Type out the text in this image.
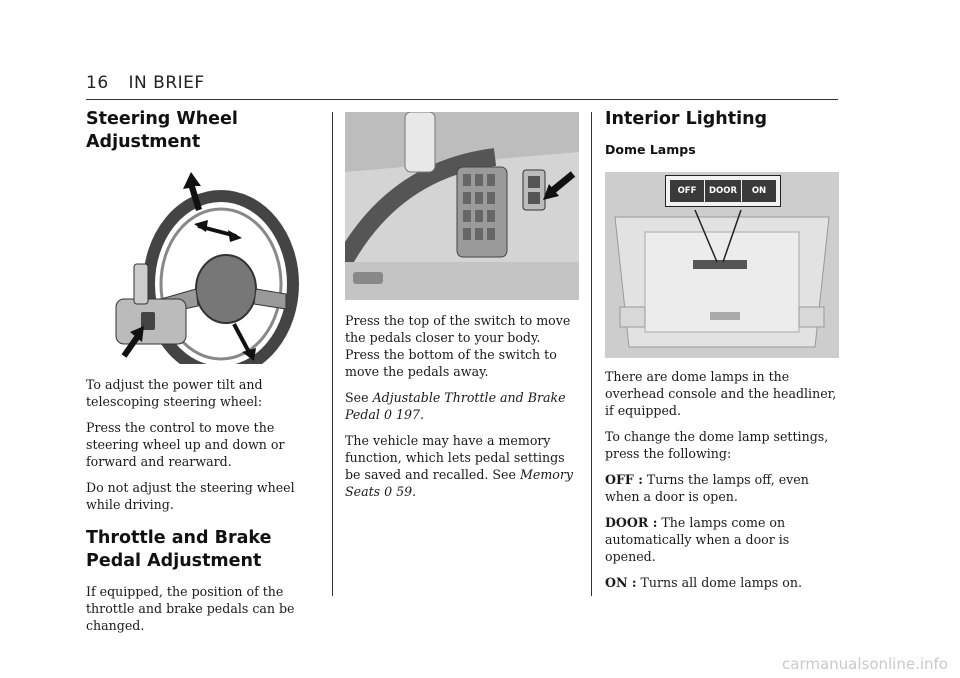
16 IN BRIEF
Steering Wheel Adjustment

To adjust the power tilt and telescoping steering wheel:

Press the control to move the steering wheel up and down or forward and rearward.

Do not adjust the steering wheel while driving.

Throttle and Brake Pedal Adjustment

If equipped, the position of the throttle and brake pedals can be changed.

Press the top of the switch to move the pedals closer to your body. Press the bottom of the switch to move the pedals away.

See Adjustable Throttle and Brake Pedal 0 197.

The vehicle may have a memory function, which lets pedal settings be saved and recalled. See Memory Seats 0 59.

Interior Lighting
Dome Lamps
OFF DOOR ON

There are dome lamps in the overhead console and the headliner, if equipped.

To change the dome lamp settings, press the following:

OFF : Turns the lamps off, even when a door is open.

DOOR : The lamps come on automatically when a door is opened.

ON : Turns all dome lamps on.

carmanualsonline.info
